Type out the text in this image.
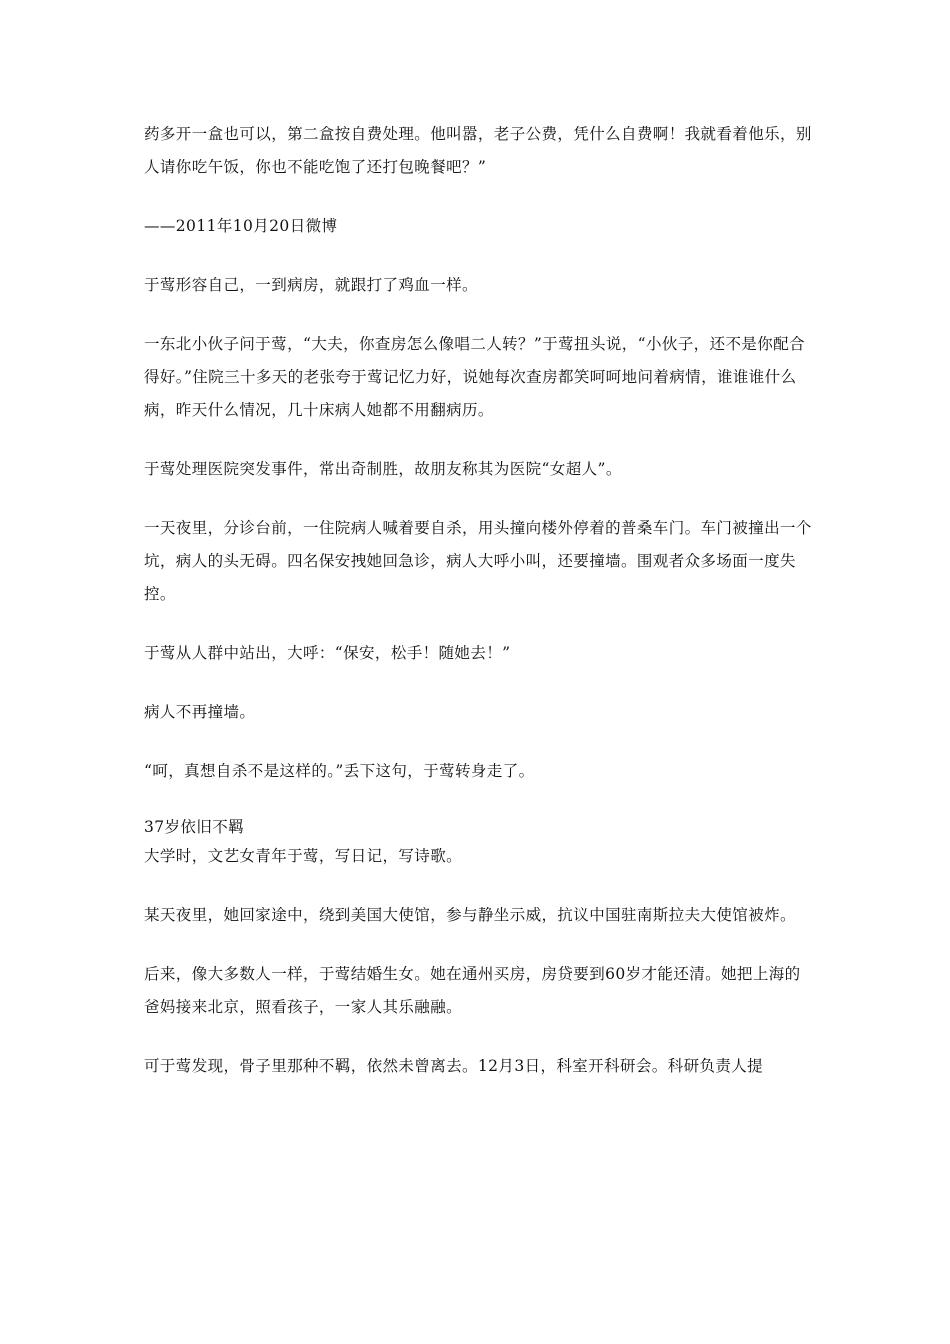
药多开一盒也可以，第二盒按自费处理。他叫嚣，老子公费，凭什么自费啊！我就看着他乐，别人请你吃午饭，你也不能吃饱了还打包晚餐吧？”

——2011年10月20日微博

于莺形容自己，一到病房，就跟打了鸡血一样。

一东北小伙子问于莺，“大夫，你查房怎么像唱二人转？”于莺扭头说，“小伙子，还不是你配合得好。”住院三十多天的老张夸于莺记忆力好，说她每次查房都笑呵呵地问着病情，谁谁谁什么病，昨天什么情况，几十床病人她都不用翻病历。

于莺处理医院突发事件，常出奇制胜，故朋友称其为医院“女超人”。

一天夜里，分诊台前，一住院病人喊着要自杀，用头撞向楼外停着的普桑车门。车门被撞出一个坑，病人的头无碍。四名保安拽她回急诊，病人大呼小叫，还要撞墙。围观者众多场面一度失控。

于莺从人群中站出，大呼：“保安，松手！随她去！”

病人不再撞墙。

“呵，真想自杀不是这样的。”丢下这句，于莺转身走了。

37岁依旧不羁

大学时，文艺女青年于莺，写日记，写诗歌。

某天夜里，她回家途中，绕到美国大使馆，参与静坐示威，抗议中国驻南斯拉夫大使馆被炸。

后来，像大多数人一样，于莺结婚生女。她在通州买房，房贷要到60岁才能还清。她把上海的爸妈接来北京，照看孩子，一家人其乐融融。

可于莺发现，骨子里那种不羁，依然未曾离去。12月3日，科室开科研会。科研负责人提
